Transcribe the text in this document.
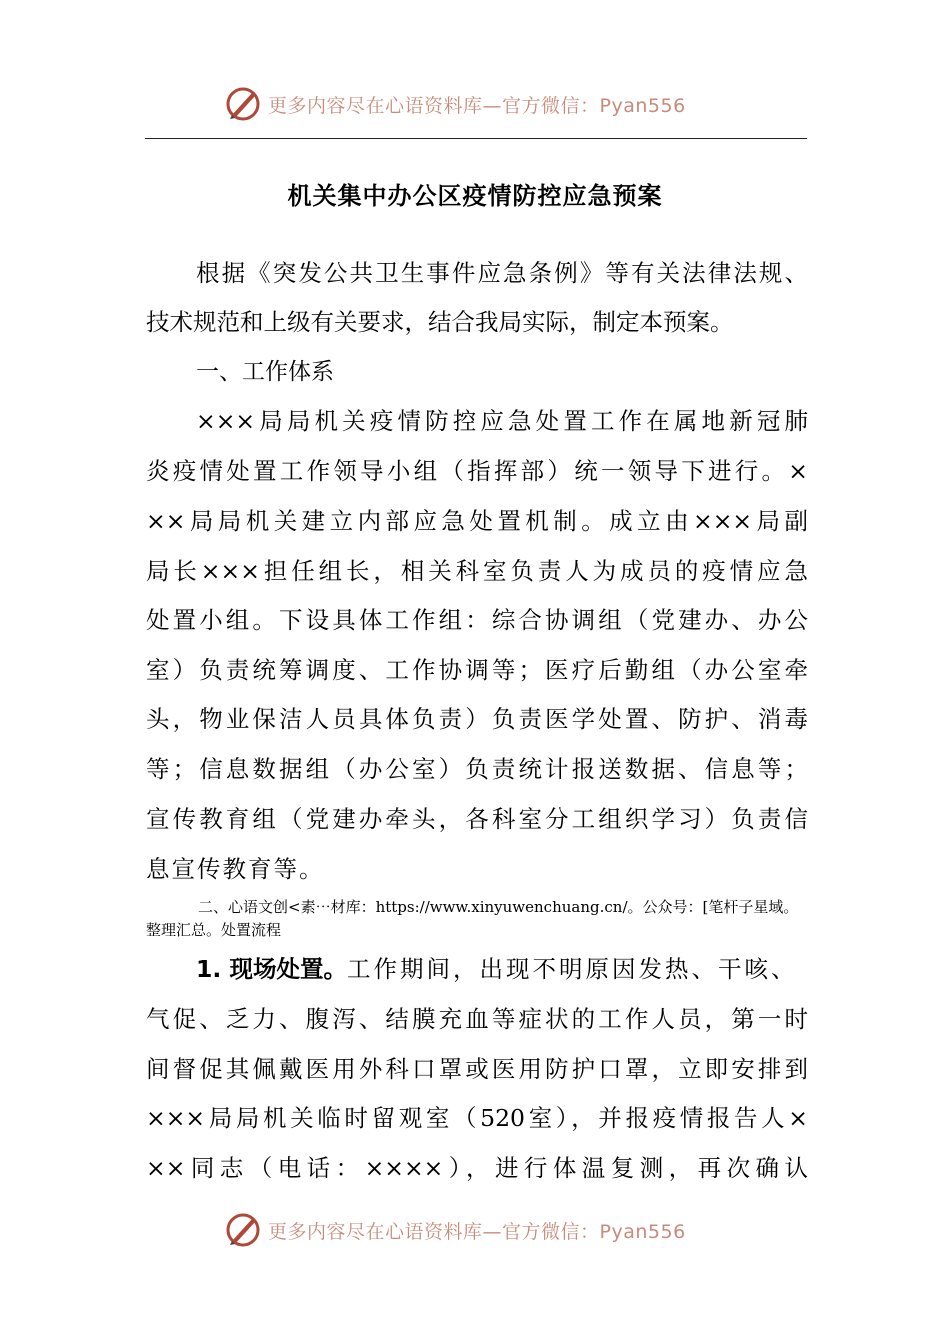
更多内容尽在心语资料库—官方微信：Pyan556
机关集中办公区疫情防控应急预案
根据《突发公共卫生事件应急条例》等有关法律法规、
技术规范和上级有关要求，结合我局实际，制定本预案。
一、工作体系
×××局局机关疫情防控应急处置工作在属地新冠肺
炎疫情处置工作领导小组（指挥部）统一领导下进行。×
××局局机关建立内部应急处置机制。成立由×××局副
局长×××担任组长，相关科室负责人为成员的疫情应急
处置小组。下设具体工作组：综合协调组（党建办、办公
室）负责统筹调度、工作协调等；医疗后勤组（办公室牵
头，物业保洁人员具体负责）负责医学处置、防护、消毒
等；信息数据组（办公室）负责统计报送数据、信息等；
宣传教育组（党建办牵头，各科室分工组织学习）负责信
息宣传教育等。
二、心语文创<素⋯材库：https://www.xinyuwenchuang.cn/。公众号：[笔杆子星域。
整理汇总。处置流程
1. 现场处置。 工作期间，出现不明原因发热、干咳、
气促、乏力、腹泻、结膜充血等症状的工作人员，第一时
间督促其佩戴医用外科口罩或医用防护口罩，立即安排到
×××局局机关临时留观室（520室），并报疫情报告人×
××同志（电话：××××），进行体温复测，再次确认
更多内容尽在心语资料库—官方微信：Pyan556
